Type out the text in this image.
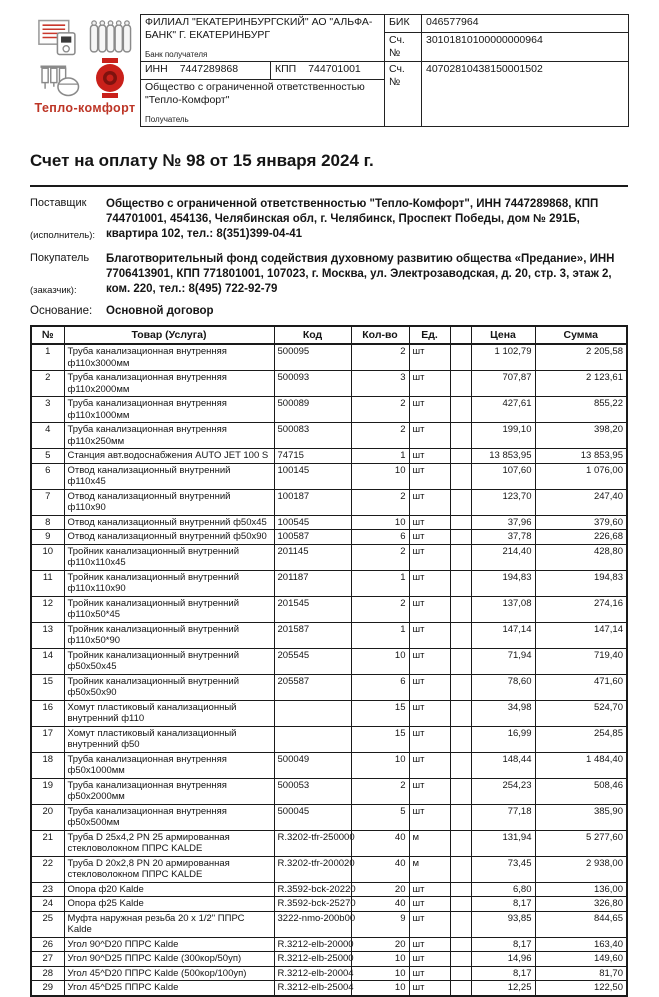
Тепло-комфорт
ФИЛИАЛ "ЕКАТЕРИНБУРГСКИЙ" АО "АЛЬФА-БАНК" Г. ЕКАТЕРИНБУРГ
Банк получателя		БИК	046577964
		Сч. №	30101810100000000964
ИНН 7447289868	КПП 744701001	Сч. №	40702810438150001502

Общество с ограниченной ответственностью "Тепло-Комфорт"
Получатель			
Счет на оплату № 98 от 15 января 2024 г.
Поставщик
(исполнитель):
Общество с ограниченной ответственностью "Тепло-Комфорт", ИНН 7447289868, КПП 744701001, 454136, Челябинская обл, г. Челябинск, Проспект Победы, дом № 291Б, квартира 102, тел.: 8(351)399-04-41
Покупатель
(заказчик):
Благотворительный фонд содействия духовному развитию общества «Предание», ИНН 7706413901, КПП 771801001, 107023, г. Москва, ул. Электрозаводская, д. 20, стр. 3, этаж 2, ком. 220, тел.: 8(495) 722-92-79
Основание:	Основной договор
№	Товар (Услуга)	Код	Кол-во	Ед.		Цена	Сумма
1	Труба канализационная внутренняя ф110х3000мм	500095	2	шт		1 102,79	2 205,58
2	Труба канализационная внутренняя ф110х2000мм	500093	3	шт		707,87	2 123,61
3	Труба канализационная внутренняя ф110х1000мм	500089	2	шт		427,61	855,22
4	Труба канализационная внутренняя ф110х250мм	500083	2	шт		199,10	398,20
5	Станция авт.водоснабжения AUTO JET 100 S	74715	1	шт		13 853,95	13 853,95
6	Отвод канализационный внутренний ф110х45	100145	10	шт		107,60	1 076,00
7	Отвод канализационный внутренний ф110х90	100187	2	шт		123,70	247,40
8	Отвод канализационный внутренний ф50х45	100545	10	шт		37,96	379,60
9	Отвод канализационный внутренний ф50х90	100587	6	шт		37,78	226,68
10	Тройник канализационный внутренний ф110х110х45	201145	2	шт		214,40	428,80
11	Тройник канализационный внутренний ф110х110х90	201187	1	шт		194,83	194,83
12	Тройник канализационный внутренний ф110х50*45	201545	2	шт		137,08	274,16
13	Тройник канализационный внутренний ф110х50*90	201587	1	шт		147,14	147,14
14	Тройник канализационный внутренний ф50х50х45	205545	10	шт		71,94	719,40
15	Тройник канализационный внутренний ф50х50х90	205587	6	шт		78,60	471,60
16	Хомут пластиковый канализационный внутренний ф110		15	шт		34,98	524,70
17	Хомут пластиковый канализационный внутренний ф50		15	шт		16,99	254,85
18	Труба канализационная внутренняя ф50х1000мм	500049	10	шт		148,44	1 484,40
19	Труба канализационная внутренняя ф50х2000мм	500053	2	шт		254,23	508,46
20	Труба канализационная внутренняя ф50х500мм	500045	5	шт		77,18	385,90
21	Труба D 25x4,2 PN 25 армированная стекловолокном ППРС KALDE	R.3202-tfr-250000	40	м		131,94	5 277,60
22	Труба D 20x2,8 PN 20 армированная стекловолокном ППРС KALDE	R.3202-tfr-200020	40	м		73,45	2 938,00
23	Опора ф20 Kalde	R.3592-bck-20220	20	шт		6,80	136,00
24	Опора ф25 Kalde	R.3592-bck-25270	40	шт		8,17	326,80
25	Муфта наружная резьба 20 х 1/2" ППРС Kalde	3222-nmo-200b00	9	шт		93,85	844,65
26	Угол 90^D20 ППРС Kalde	R.3212-elb-20000	20	шт		8,17	163,40
27	Угол 90^D25 ППРС Kalde (300кор/50уп)	R.3212-elb-25000	10	шт		14,96	149,60
28	Угол 45^D20 ППРС Kalde (500кор/100уп)	R.3212-elb-20004	10	шт		8,17	81,70
29	Угол 45^D25 ППРС Kalde	R.3212-elb-25004	10	шт		12,25	122,50
